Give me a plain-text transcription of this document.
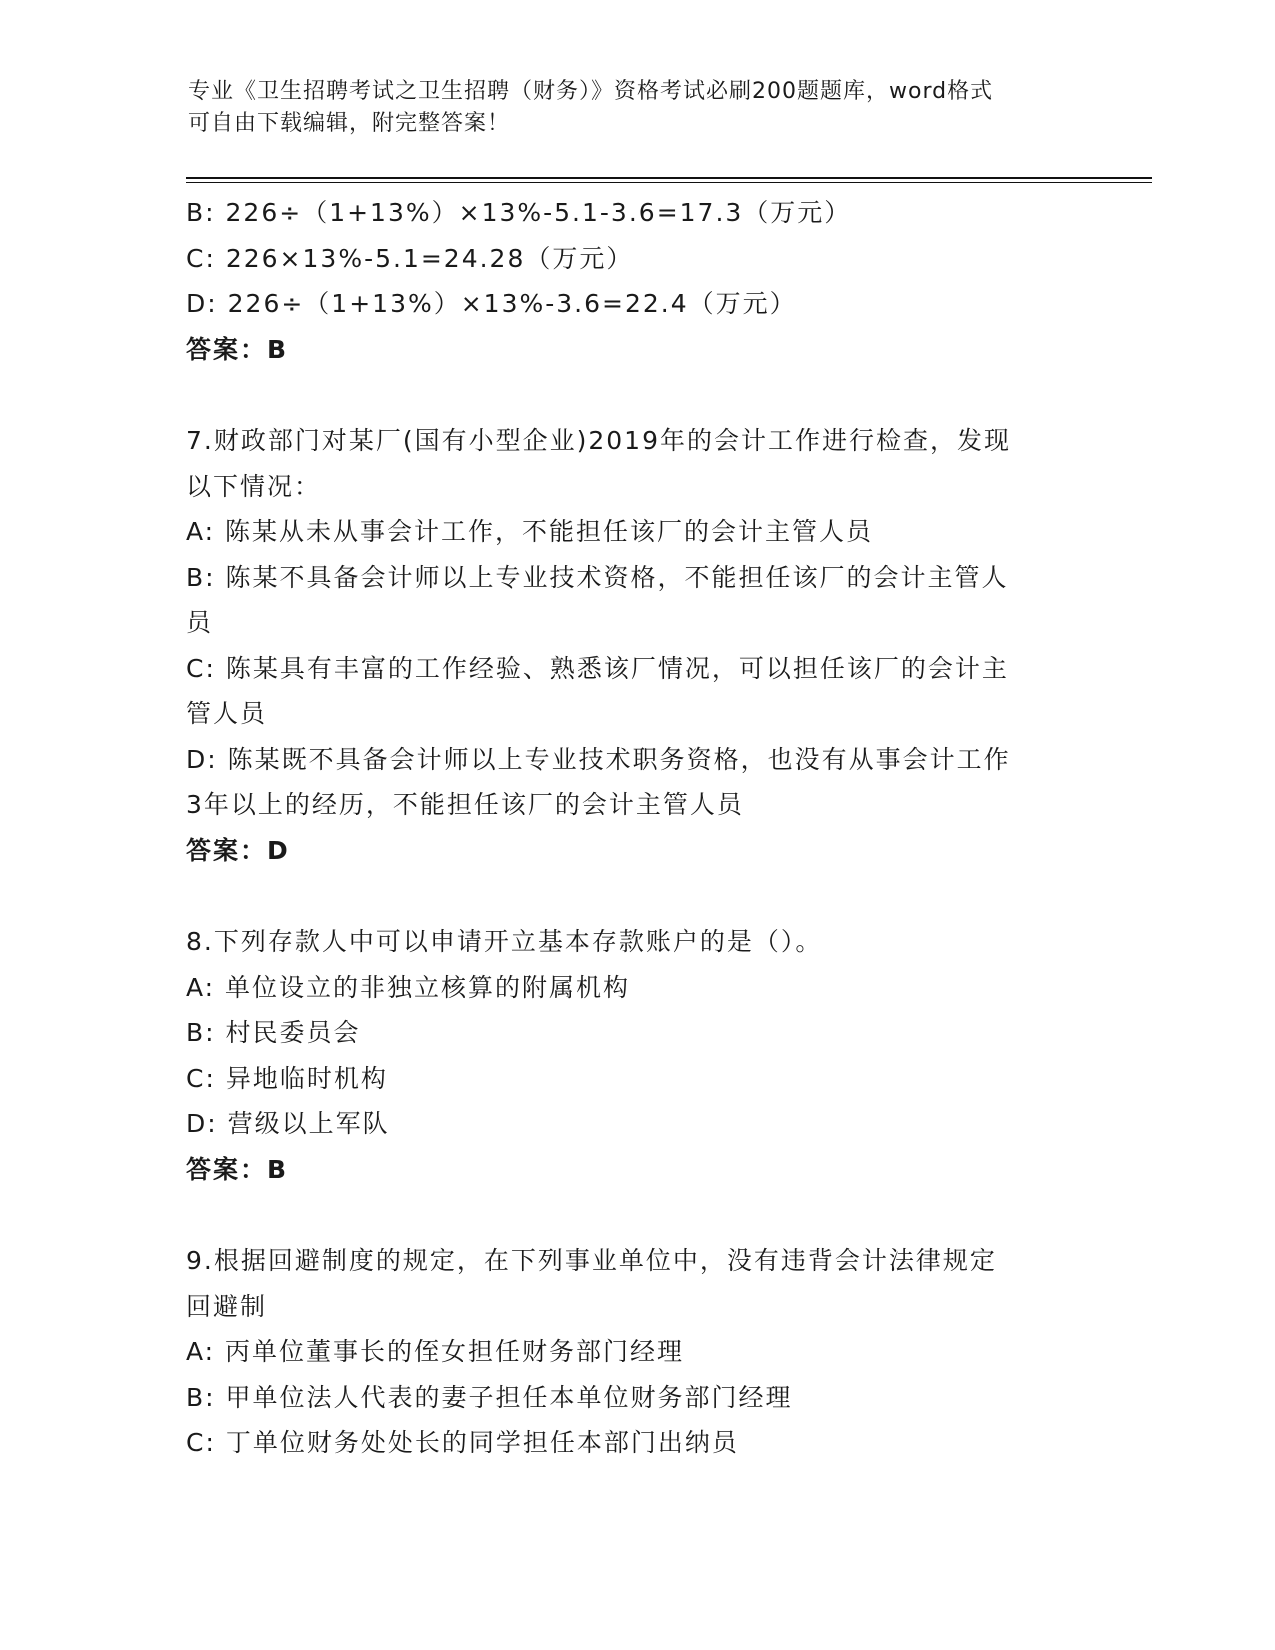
专业《卫生招聘考试之卫生招聘（财务）》资格考试必刷200题题库，word格式
可自由下载编辑，附完整答案！
B: 226÷（1+13%）×13%-5.1-3.6=17.3（万元）
C: 226×13%-5.1=24.28（万元）
D: 226÷（1+13%）×13%-3.6=22.4（万元）
答案：B
7.财政部门对某厂(国有小型企业)2019年的会计工作进行检查，发现
以下情况：
A: 陈某从未从事会计工作，不能担任该厂的会计主管人员
B: 陈某不具备会计师以上专业技术资格，不能担任该厂的会计主管人
员
C: 陈某具有丰富的工作经验、熟悉该厂情况，可以担任该厂的会计主
管人员
D: 陈某既不具备会计师以上专业技术职务资格，也没有从事会计工作
3年以上的经历，不能担任该厂的会计主管人员
答案：D
8.下列存款人中可以申请开立基本存款账户的是（）。
A: 单位设立的非独立核算的附属机构
B: 村民委员会
C: 异地临时机构
D: 营级以上军队
答案：B
9.根据回避制度的规定，在下列事业单位中，没有违背会计法律规定
回避制
A: 丙单位董事长的侄女担任财务部门经理
B: 甲单位法人代表的妻子担任本单位财务部门经理
C: 丁单位财务处处长的同学担任本部门出纳员
